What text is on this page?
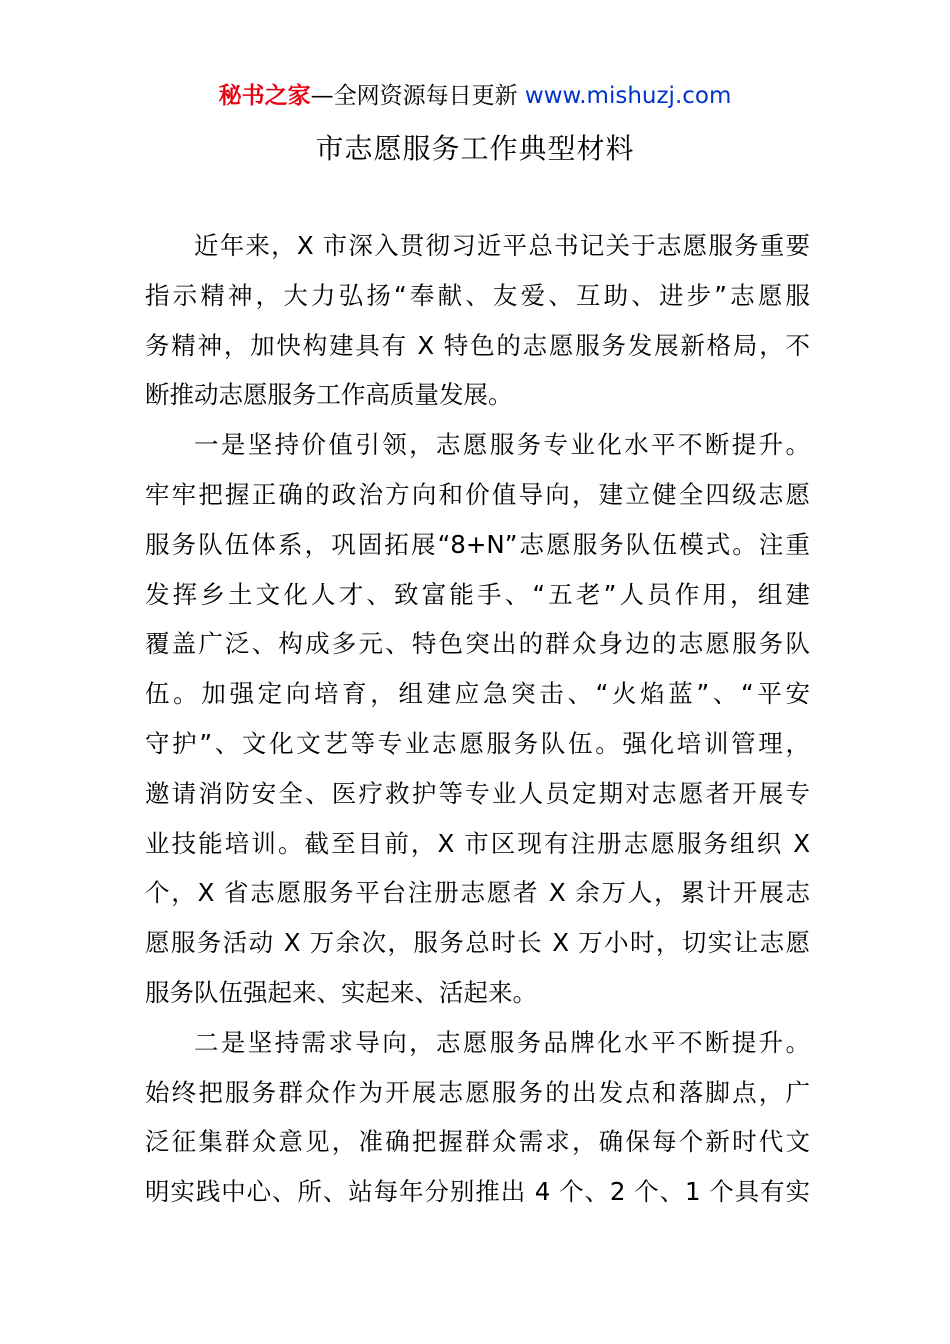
秘书之家—全网资源每日更新 www.mishuzj.com
市志愿服务工作典型材料
近年来，X 市深入贯彻习近平总书记关于志愿服务重要
指示精神，大力弘扬“奉献、友爱、互助、进步”志愿服
务精神，加快构建具有 X 特色的志愿服务发展新格局，不
断推动志愿服务工作高质量发展。
一是坚持价值引领，志愿服务专业化水平不断提升。
牢牢把握正确的政治方向和价值导向，建立健全四级志愿
服务队伍体系，巩固拓展“8+N”志愿服务队伍模式。注重
发挥乡土文化人才、致富能手、“五老”人员作用，组建
覆盖广泛、构成多元、特色突出的群众身边的志愿服务队
伍。加强定向培育，组建应急突击、“火焰蓝”、“平安
守护”、文化文艺等专业志愿服务队伍。强化培训管理，
邀请消防安全、医疗救护等专业人员定期对志愿者开展专
业技能培训。截至目前，X 市区现有注册志愿服务组织 X
个，X 省志愿服务平台注册志愿者 X 余万人，累计开展志
愿服务活动 X 万余次，服务总时长 X 万小时，切实让志愿
服务队伍强起来、实起来、活起来。
二是坚持需求导向，志愿服务品牌化水平不断提升。
始终把服务群众作为开展志愿服务的出发点和落脚点，广
泛征集群众意见，准确把握群众需求，确保每个新时代文
明实践中心、所、站每年分别推出 4 个、2 个、1 个具有实
